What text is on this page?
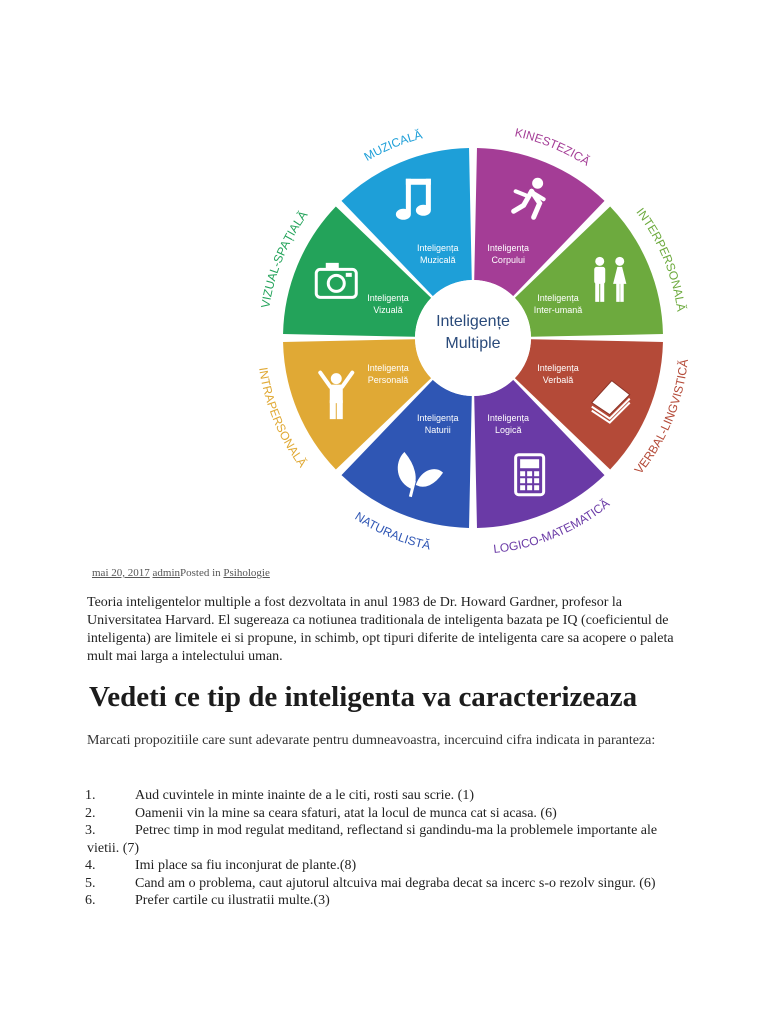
MUZICALĂ	KINESTEZICĂ
INTERPERSONALĂ
VERBAL-LINGVISTICĂ
LOGICO-MATEMATICĂ
NATURALISTĂ
INTRAPERSONALĂ
VIZUAL-SPAȚIALĂ
Inteligența
Muzicală
Inteligența
Corpului
Inteligența
Inter-umană
Inteligența
Verbală
Inteligența
Logică
Inteligența
Naturii
Inteligența
Personală
Inteligența
Vizuală
Inteligențe
Multiple
mai 20, 2017 adminPosted in Psihologie

Teoria inteligentelor multiple a fost dezvoltata in anul 1983 de Dr. Howard Gardner, profesor la Universitatea Harvard. El sugereaza ca notiunea traditionala de inteligenta bazata pe IQ (coeficientul de inteligenta) are limitele ei si propune, in schimb, opt tipuri diferite de inteligenta care sa acopere o paleta mult mai larga a intelectului uman.

Vedeti ce tip de inteligenta va caracterizeaza

Marcati propozitiile care sunt adevarate pentru dumneavoastra, incercuind cifra indicata in paranteza:

1.	Aud cuvintele in minte inainte de a le citi, rosti sau scrie. (1)
2.	Oamenii vin la mine sa ceara sfaturi, atat la locul de munca cat si acasa. (6)
3.	Petrec timp in mod regulat meditand, reflectand si gandindu-ma la problemele importante ale vietii. (7)
4.	Imi place sa fiu inconjurat de plante.(8)
5.	Cand am o problema, caut ajutorul altcuiva mai degraba decat sa incerc s-o rezolv singur. (6)
6.	Prefer cartile cu ilustratii multe.(3)
